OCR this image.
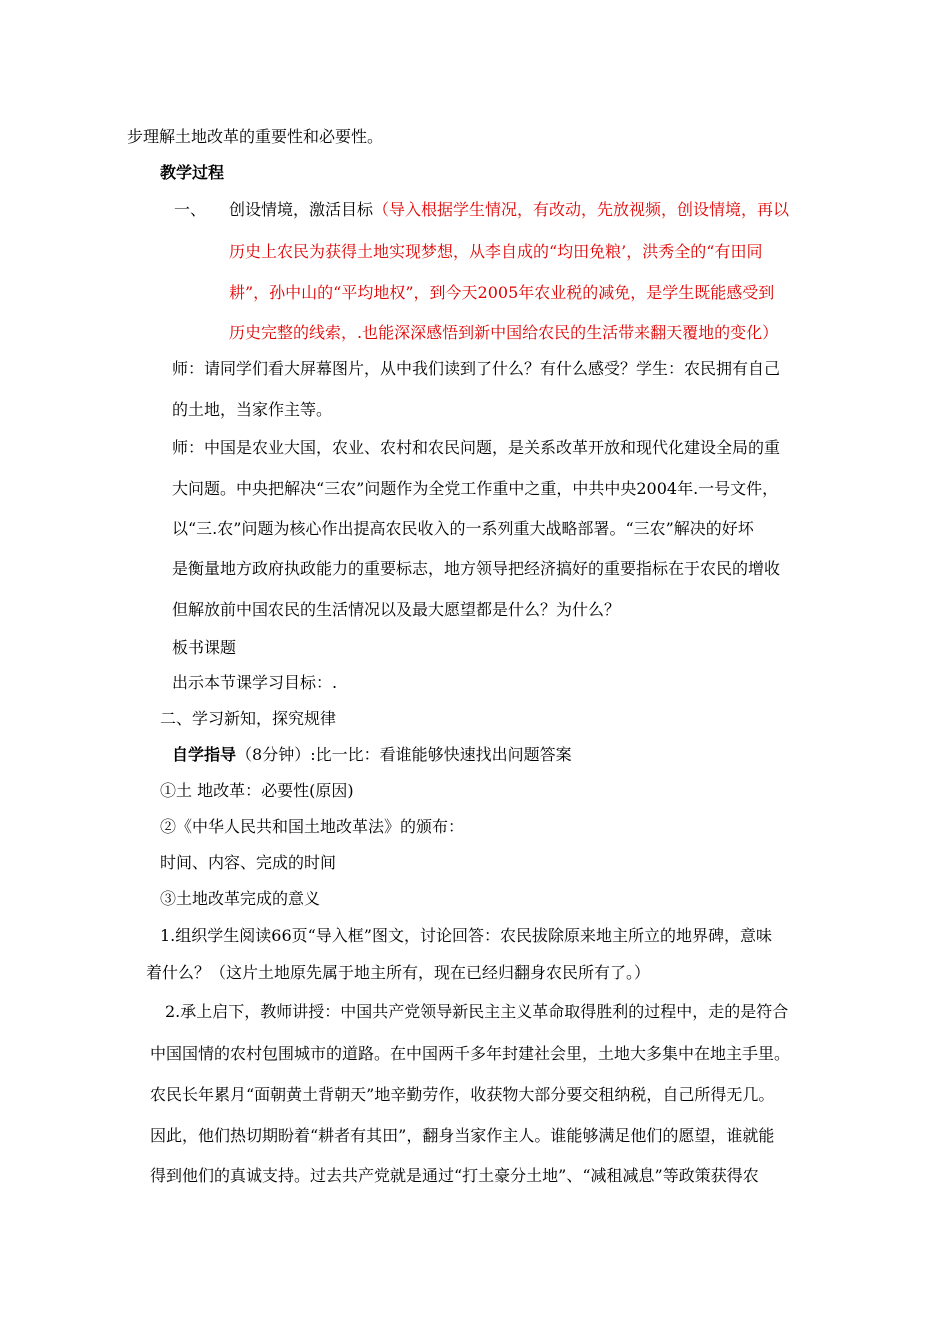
步理解土地改革的重要性和必要性。
教学过程
一、 创设情境，激活目标（导入根据学生情况，有改动，先放视频，创设情境，再以
历史上农民为获得土地实现梦想，从李自成的“均田免粮’，洪秀全的“有田同
耕”，孙中山的“平均地权”，到今天2005年农业税的减免，是学生既能感受到
历史完整的线索，.也能深深感悟到新中国给农民的生活带来翻天覆地的变化）
师：请同学们看大屏幕图片，从中我们读到了什么？有什么感受？学生：农民拥有自己
的土地，当家作主等。
师：中国是农业大国，农业、农村和农民问题，是关系改革开放和现代化建设全局的重
大问题。中央把解决“三农”问题作为全党工作重中之重，中共中央2004年.一号文件，
以“三.农”问题为核心作出提高农民收入的一系列重大战略部署。“三农”解决的好坏
是衡量地方政府执政能力的重要标志，地方领导把经济搞好的重要指标在于农民的增收
但解放前中国农民的生活情况以及最大愿望都是什么？为什么？
板书课题
出示本节课学习目标：.
二、学习新知，探究规律
自学指导（8分钟）:比一比：看谁能够快速找出问题答案
①土 地改革：必要性(原因)
②《中华人民共和国土地改革法》的颁布：
时间、内容、完成的时间
③土地改革完成的意义
1.组织学生阅读66页“导入框”图文，讨论回答：农民拔除原来地主所立的地界碑，意味
着什么？（这片土地原先属于地主所有，现在已经归翻身农民所有了。）
2.承上启下，教师讲授：中国共产党领导新民主主义革命取得胜利的过程中，走的是符合
中国国情的农村包围城市的道路。在中国两千多年封建社会里，土地大多集中在地主手里。
农民长年累月“面朝黄土背朝天”地辛勤劳作，收获物大部分要交租纳税，自己所得无几。
因此，他们热切期盼着“耕者有其田”，翻身当家作主人。谁能够满足他们的愿望，谁就能
得到他们的真诚支持。过去共产党就是通过“打土豪分土地”、“减租减息”等政策获得农
